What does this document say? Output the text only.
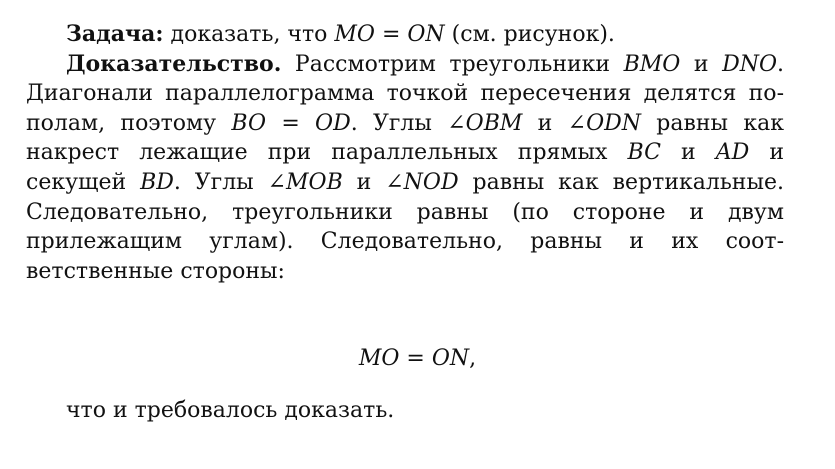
Задача: доказать, что MO = ON (см. рисунок).

Доказательство. Рассмотрим треугольники BMO и DNO. Диагонали параллелограмма точкой пересечения делятся пополам, поэтому BO = OD. Углы ∠OBM и ∠ODN равны как накрест лежащие при параллельных прямых BC и AD и секущей BD. Углы ∠MOB и ∠NOD равны как вертикальные. Следовательно, треугольники равны (по стороне и двум прилежащим углам). Следовательно, равны и их соответственные стороны:

MO = ON,
что и требовалось доказать.
